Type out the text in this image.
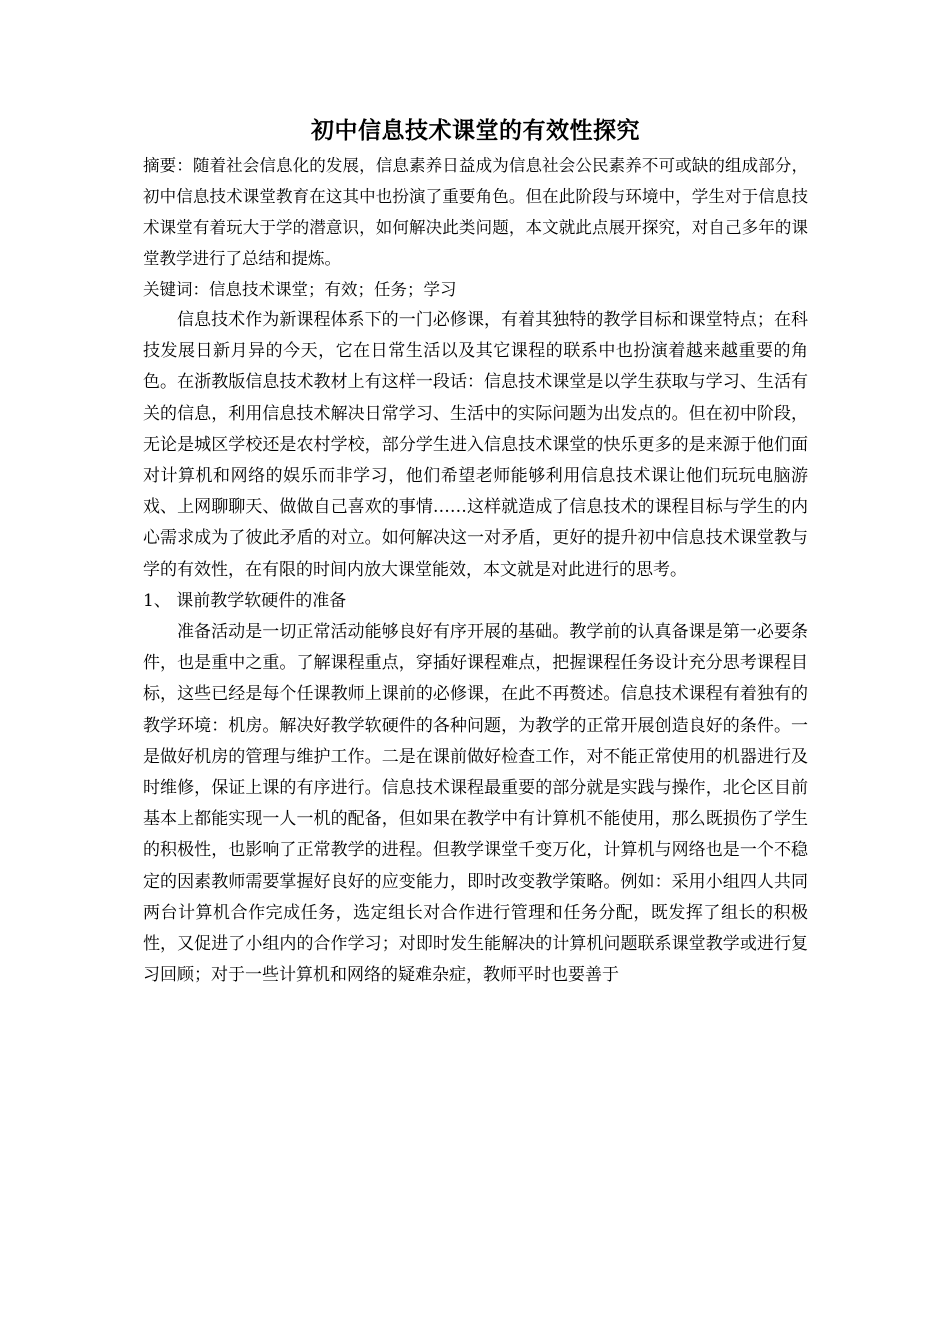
初中信息技术课堂的有效性探究

摘要：随着社会信息化的发展，信息素养日益成为信息社会公民素养不可或缺的组成部分，初中信息技术课堂教育在这其中也扮演了重要角色。但在此阶段与环境中，学生对于信息技术课堂有着玩大于学的潜意识，如何解决此类问题，本文就此点展开探究，对自己多年的课堂教学进行了总结和提炼。

关键词：信息技术课堂；有效；任务；学习

信息技术作为新课程体系下的一门必修课，有着其独特的教学目标和课堂特点；在科技发展日新月异的今天，它在日常生活以及其它课程的联系中也扮演着越来越重要的角色。在浙教版信息技术教材上有这样一段话：信息技术课堂是以学生获取与学习、生活有关的信息，利用信息技术解决日常学习、生活中的实际问题为出发点的。但在初中阶段，无论是城区学校还是农村学校，部分学生进入信息技术课堂的快乐更多的是来源于他们面对计算机和网络的娱乐而非学习，他们希望老师能够利用信息技术课让他们玩玩电脑游戏、上网聊聊天、做做自己喜欢的事情……这样就造成了信息技术的课程目标与学生的内心需求成为了彼此矛盾的对立。如何解决这一对矛盾，更好的提升初中信息技术课堂教与学的有效性，在有限的时间内放大课堂能效，本文就是对此进行的思考。

1、 课前教学软硬件的准备

准备活动是一切正常活动能够良好有序开展的基础。教学前的认真备课是第一必要条件，也是重中之重。了解课程重点，穿插好课程难点，把握课程任务设计充分思考课程目标，这些已经是每个任课教师上课前的必修课，在此不再赘述。信息技术课程有着独有的教学环境：机房。解决好教学软硬件的各种问题，为教学的正常开展创造良好的条件。一是做好机房的管理与维护工作。二是在课前做好检查工作，对不能正常使用的机器进行及时维修，保证上课的有序进行。信息技术课程最重要的部分就是实践与操作，北仑区目前基本上都能实现一人一机的配备，但如果在教学中有计算机不能使用，那么既损伤了学生的积极性，也影响了正常教学的进程。但教学课堂千变万化，计算机与网络也是一个不稳定的因素教师需要掌握好良好的应变能力，即时改变教学策略。例如：采用小组四人共同两台计算机合作完成任务，选定组长对合作进行管理和任务分配，既发挥了组长的积极性，又促进了小组内的合作学习；对即时发生能解决的计算机问题联系课堂教学或进行复习回顾；对于一些计算机和网络的疑难杂症，教师平时也要善于
